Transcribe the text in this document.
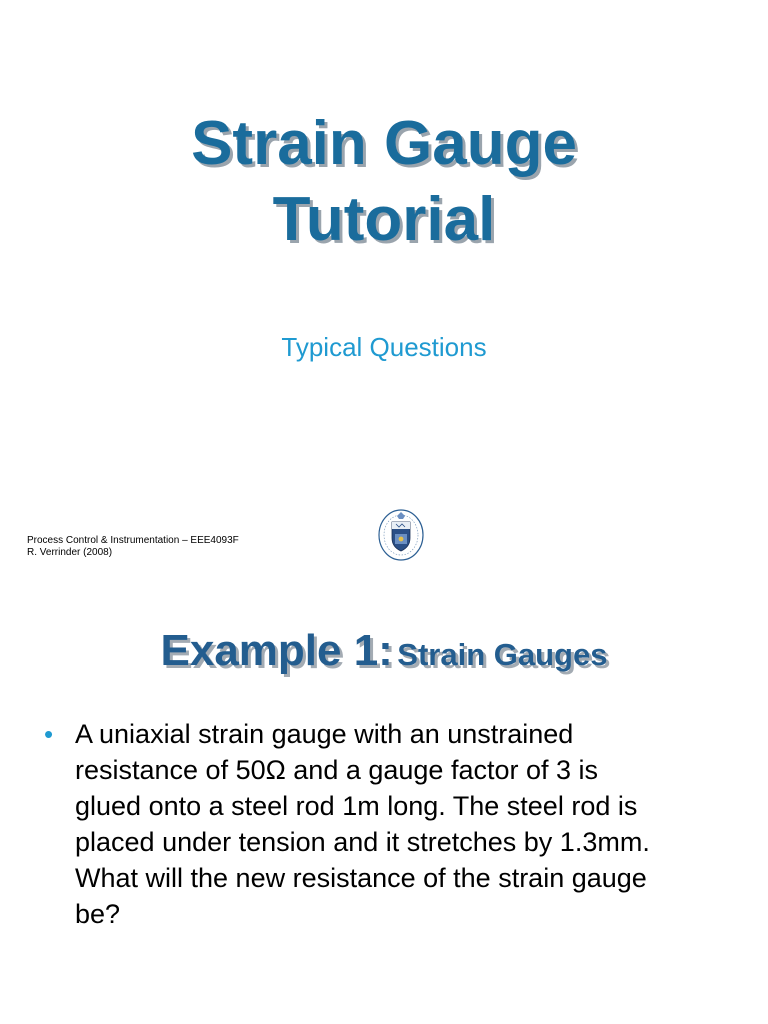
Strain Gauge
Tutorial
Typical Questions
Process Control & Instrumentation – EEE4093F
R. Verrinder (2008)
Example 1: Strain Gauges
• A uniaxial strain gauge with an unstrained
resistance of 50Ω and a gauge factor of 3 is
glued onto a steel rod 1m long. The steel rod is
placed under tension and it stretches by 1.3mm.
What will the new resistance of the strain gauge
be?
